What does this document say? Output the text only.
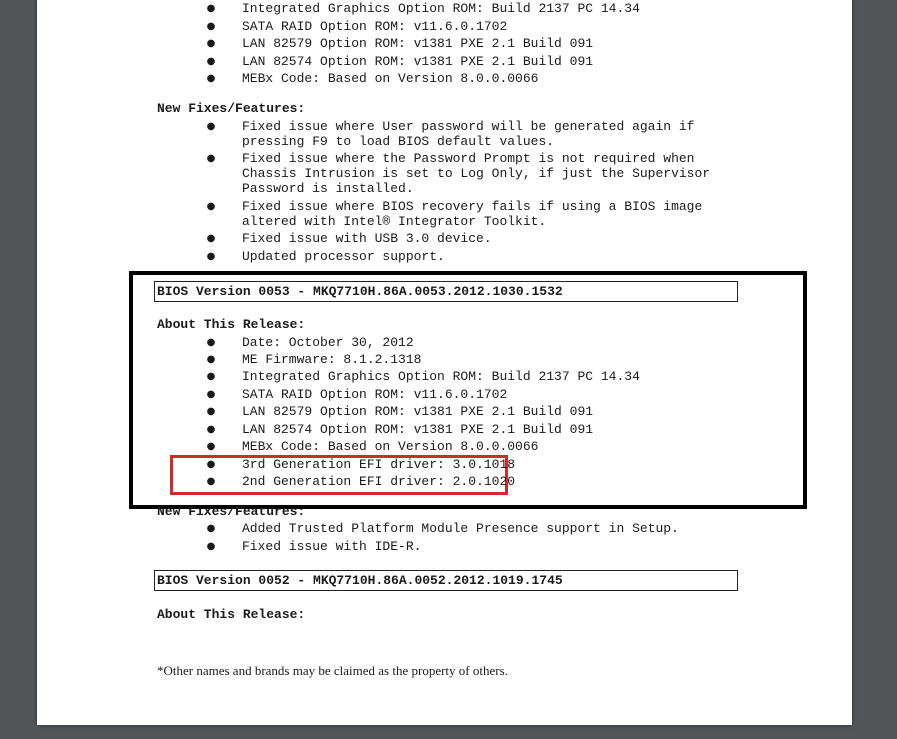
● Integrated Graphics Option ROM: Build 2137 PC 14.34
● SATA RAID Option ROM: v11.6.0.1702
● LAN 82579 Option ROM: v1381 PXE 2.1 Build 091
● LAN 82574 Option ROM: v1381 PXE 2.1 Build 091
● MEBx Code: Based on Version 8.0.0.0066
New Fixes/Features:
● Fixed issue where User password will be generated again if
pressing F9 to load BIOS default values.
● Fixed issue where the Password Prompt is not required when
Chassis Intrusion is set to Log Only, if just the Supervisor
Password is installed.
● Fixed issue where BIOS recovery fails if using a BIOS image
altered with Intel® Integrator Toolkit.
● Fixed issue with USB 3.0 device.
● Updated processor support.
BIOS Version 0053 - MKQ7710H.86A.0053.2012.1030.1532
About This Release:
● Date: October 30, 2012
● ME Firmware: 8.1.2.1318
● Integrated Graphics Option ROM: Build 2137 PC 14.34
● SATA RAID Option ROM: v11.6.0.1702
● LAN 82579 Option ROM: v1381 PXE 2.1 Build 091
● LAN 82574 Option ROM: v1381 PXE 2.1 Build 091
● MEBx Code: Based on Version 8.0.0.0066
● 3rd Generation EFI driver: 3.0.1018
● 2nd Generation EFI driver: 2.0.1020
New Fixes/Features:
● Added Trusted Platform Module Presence support in Setup.
● Fixed issue with IDE-R.
BIOS Version 0052 - MKQ7710H.86A.0052.2012.1019.1745
About This Release:
*Other names and brands may be claimed as the property of others.
